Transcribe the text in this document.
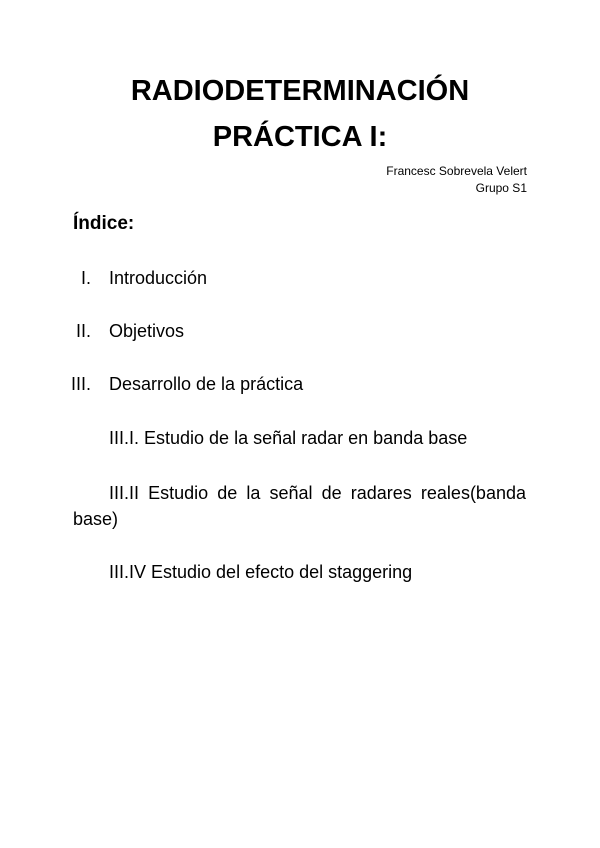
RADIODETERMINACIÓN
PRÁCTICA I:
Francesc Sobrevela Velert
Grupo S1
Índice:
I. Introducción
II. Objetivos
III. Desarrollo de la práctica

III.I. Estudio de la señal radar en banda base

III.II Estudio de la señal de radares reales(banda base)

III.IV Estudio del efecto del staggering
